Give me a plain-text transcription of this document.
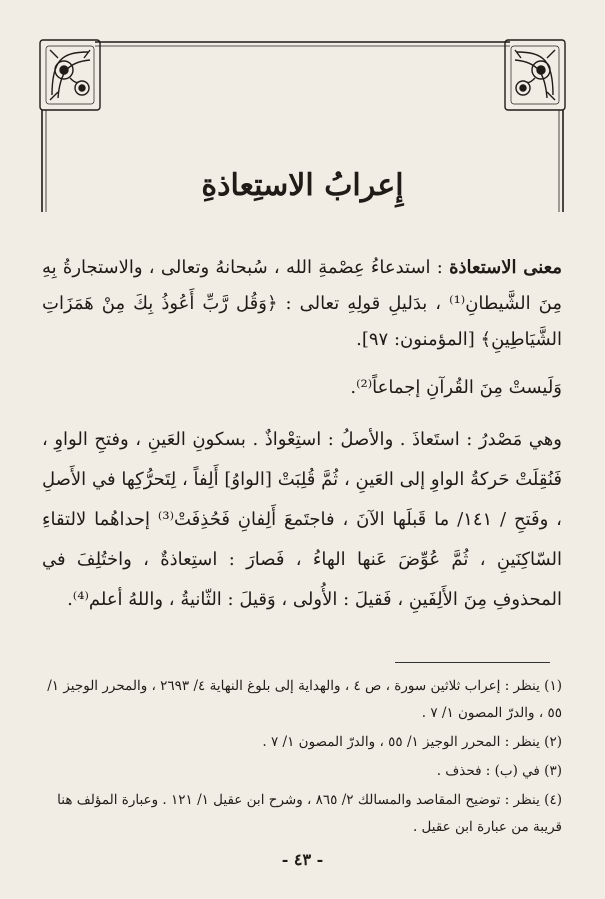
إِعرابُ الاستِعاذةِ

معنى الاستعاذة : استدعاءُ عِصْمةِ الله ، سُبحانهُ وتعالى ، والاستجارةُ بِهِ مِنَ الشَّيطانِ⁽¹⁾ ، بدَليلِ قولِهِ تعالى : ﴿وَقُل رَّبِّ أَعُوذُ بِكَ مِنْ هَمَزَاتِ الشَّيَاطِينِ﴾ [المؤمنون: ٩٧].

وَلَيستْ مِنَ القُرآنِ إجماعاً⁽²⁾.

وهي مَصْدرُ : استَعاذَ . والأصلُ : استِعْواذٌ . بسكونِ العَينِ ، وفتحِ الواوِ ، فَنُقِلَتْ حَركةُ الواوِ إلى العَينِ ، ثُمَّ قُلِبَتْ [الواوُ] أَلِفاً ، لِتَحرُّكِها في الأَصلِ ، وفَتحِ / ١٤١/ ما قَبلَها الآنَ ، فاجتَمعَ أَلِفانِ فَحُذِفَتْ⁽³⁾ إحداهُما لالتقاءِ السّاكِنَينِ ، ثُمَّ عُوِّضَ عَنها الهاءُ ، فَصارَ : استِعاذةٌ ، واختُلِفَ في المحذوفِ مِنَ الأَلِفَينِ ، فَقيلَ : الأُولى ، وَقيلَ : الثّانيةُ ، واللهُ أعلم⁽⁴⁾.

(١) ينظر : إعراب ثلاثين سورة ، ص ٤ ، والهداية إلى بلوغ النهاية ٤/ ٢٦٩٣ ، والمحرر الوجيز ١/ ٥٥ ، والدرّ المصون ١/ ٧ .

(٢) ينظر : المحرر الوجيز ١/ ٥٥ ، والدرّ المصون ١/ ٧ .

(٣) في (ب) : فحذف .

(٤) ينظر : توضيح المقاصد والمسالك ٢/ ٨٦٥ ، وشرح ابن عقيل ١/ ١٢١ . وعبارة المؤلف هنا قريبة من عبارة ابن عقيل .

- ٤٣ -
